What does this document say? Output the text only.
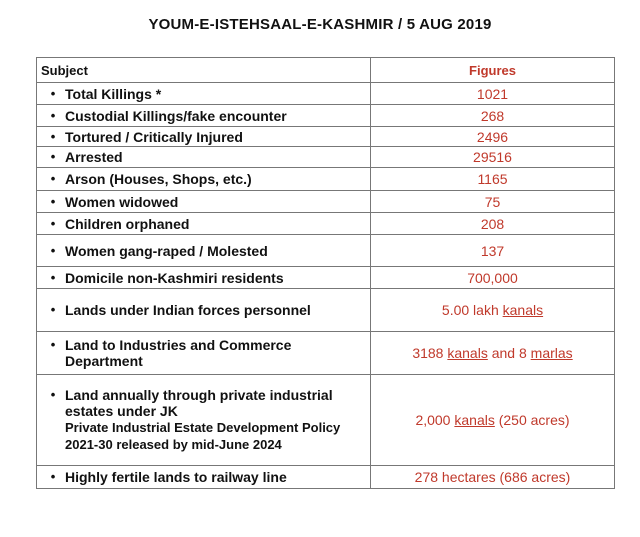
YOUM-E-ISTEHSAAL-E-KASHMIR / 5 AUG 2019
Subject	Figures

• Total Killings *	1021

• Custodial Killings/fake encounter	268

• Tortured / Critically Injured	2496

• Arrested	29516

• Arson (Houses, Shops, etc.)	1165

• Women widowed	75

• Children orphaned	208

• Women gang-raped / Molested	137

• Domicile non-Kashmiri residents	700,000

• Lands under Indian forces personnel	5.00 lakh kanals

• Land to Industries and Commerce Department	3188 kanals and 8 marlas

• Land annually through private industrial estates under JK
Private Industrial Estate Development Policy 2021-30 released by mid-June 2024	2,000 kanals (250 acres)

• Highly fertile lands to railway line	278 hectares (686 acres)
